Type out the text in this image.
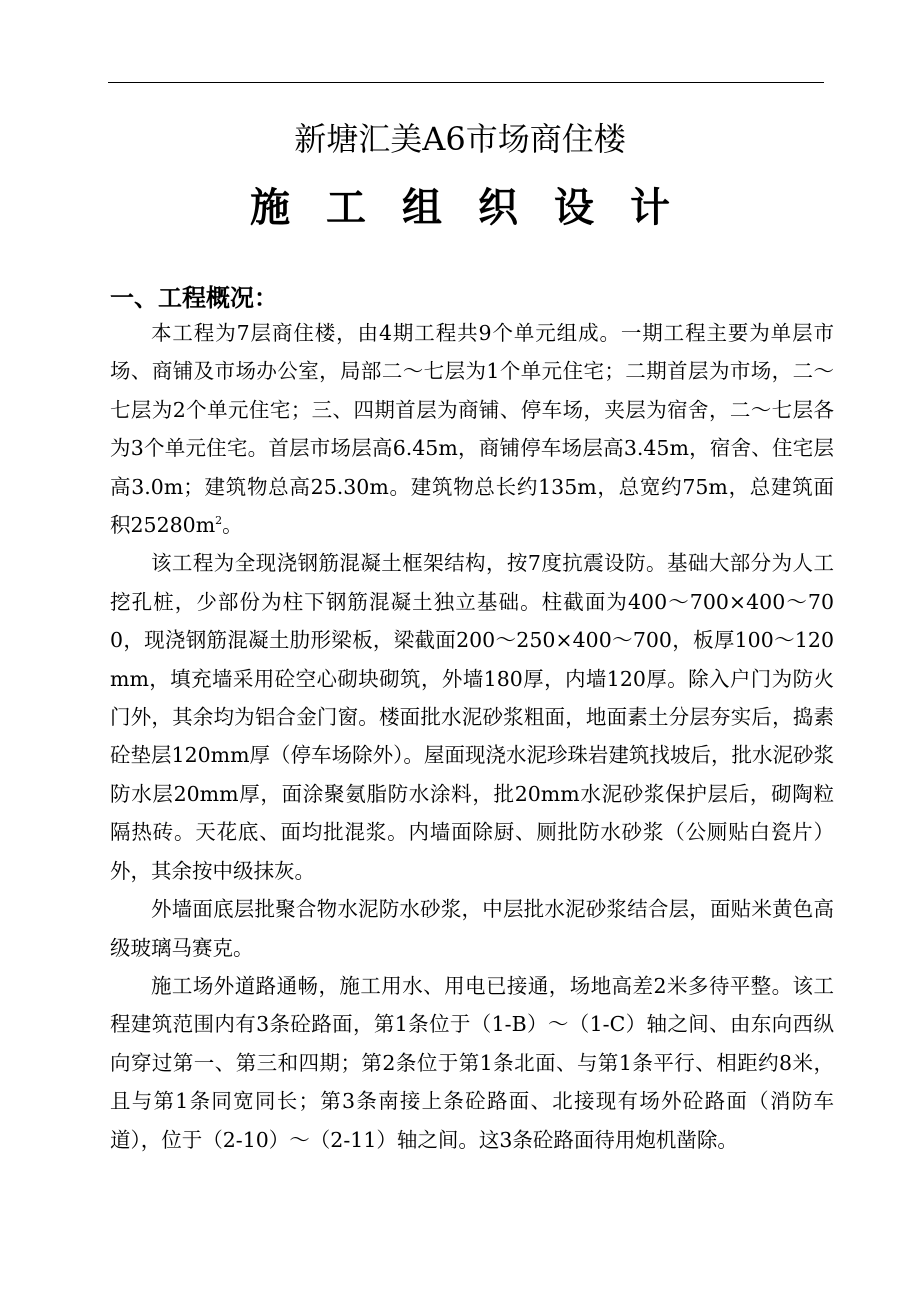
新塘汇美A6市场商住楼
施工组织设计
一、工程概况：

本工程为7层商住楼，由4期工程共9个单元组成。一期工程主要为单层市场、商铺及市场办公室，局部二～七层为1个单元住宅；二期首层为市场，二～七层为2个单元住宅；三、四期首层为商铺、停车场，夹层为宿舍，二～七层各为3个单元住宅。首层市场层高6.45m，商铺停车场层高3.45m，宿舍、住宅层高3.0m；建筑物总高25.30m。建筑物总长约135m，总宽约75m，总建筑面积$25280m^2$。

该工程为全现浇钢筋混凝土框架结构，按7度抗震设防。基础大部分为人工挖孔桩，少部份为柱下钢筋混凝土独立基础。柱截面为400～700×400～700，现浇钢筋混凝土肋形梁板，梁截面200～250×400～700，板厚100～120mm，填充墙采用砼空心砌块砌筑，外墙180厚，内墙120厚。除入户门为防火门外，其余均为铝合金门窗。楼面批水泥砂浆粗面，地面素土分层夯实后，捣素砼垫层120mm厚（停车场除外）。屋面现浇水泥珍珠岩建筑找坡后，批水泥砂浆防水层20mm厚，面涂聚氨脂防水涂料，批20mm水泥砂浆保护层后，砌陶粒隔热砖。天花底、面均批混浆。内墙面除厨、厕批防水砂浆（公厕贴白瓷片）外，其余按中级抹灰。

外墙面底层批聚合物水泥防水砂浆，中层批水泥砂浆结合层，面贴米黄色高级玻璃马赛克。

施工场外道路通畅，施工用水、用电已接通，场地高差2米多待平整。该工程建筑范围内有3条砼路面，第1条位于（1-B）～（1-C）轴之间、由东向西纵向穿过第一、第三和四期；第2条位于第1条北面、与第1条平行、相距约8米，且与第1条同宽同长；第3条南接上条砼路面、北接现有场外砼路面（消防车道），位于（2-10）～（2-11）轴之间。这3条砼路面待用炮机凿除。
